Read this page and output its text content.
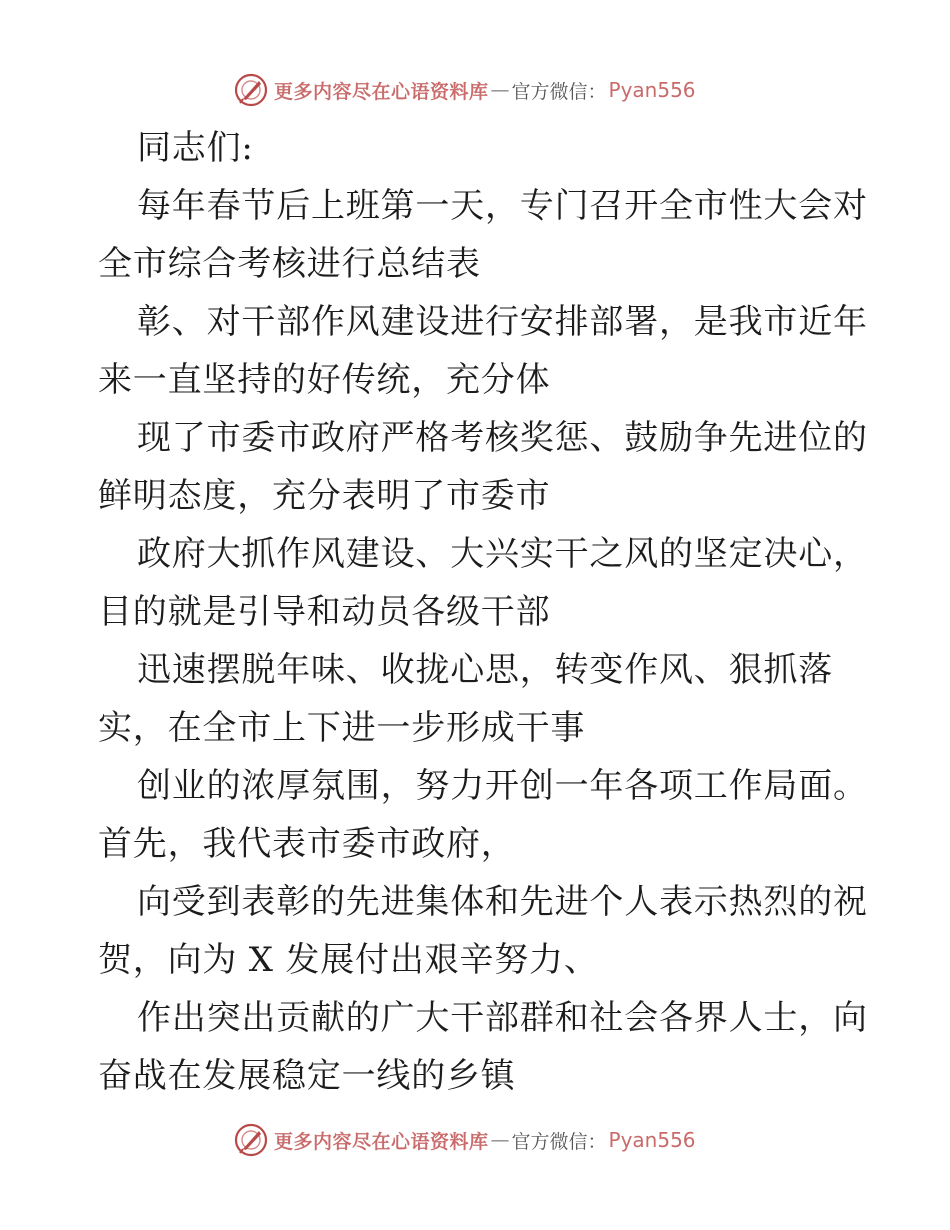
更多内容尽在心语资料库 — 官方微信： Pyan556
同志们:
每年春节后上班第一天，专门召开全市性大会对
全市综合考核进行总结表
彰、对干部作风建设进行安排部署，是我市近年
来一直坚持的好传统，充分体
现了市委市政府严格考核奖惩、鼓励争先进位的
鲜明态度，充分表明了市委市
政府大抓作风建设、大兴实干之风的坚定决心，
目的就是引导和动员各级干部
迅速摆脱年味、收拢心思，转变作风、狠抓落
实，在全市上下进一步形成干事
创业的浓厚氛围，努力开创一年各项工作局面。
首先，我代表市委市政府，
向受到表彰的先进集体和先进个人表示热烈的祝
贺，向为 X 发展付出艰辛努力、
作出突出贡献的广大干部群和社会各界人士，向
奋战在发展稳定一线的乡镇
更多内容尽在心语资料库 — 官方微信： Pyan556
